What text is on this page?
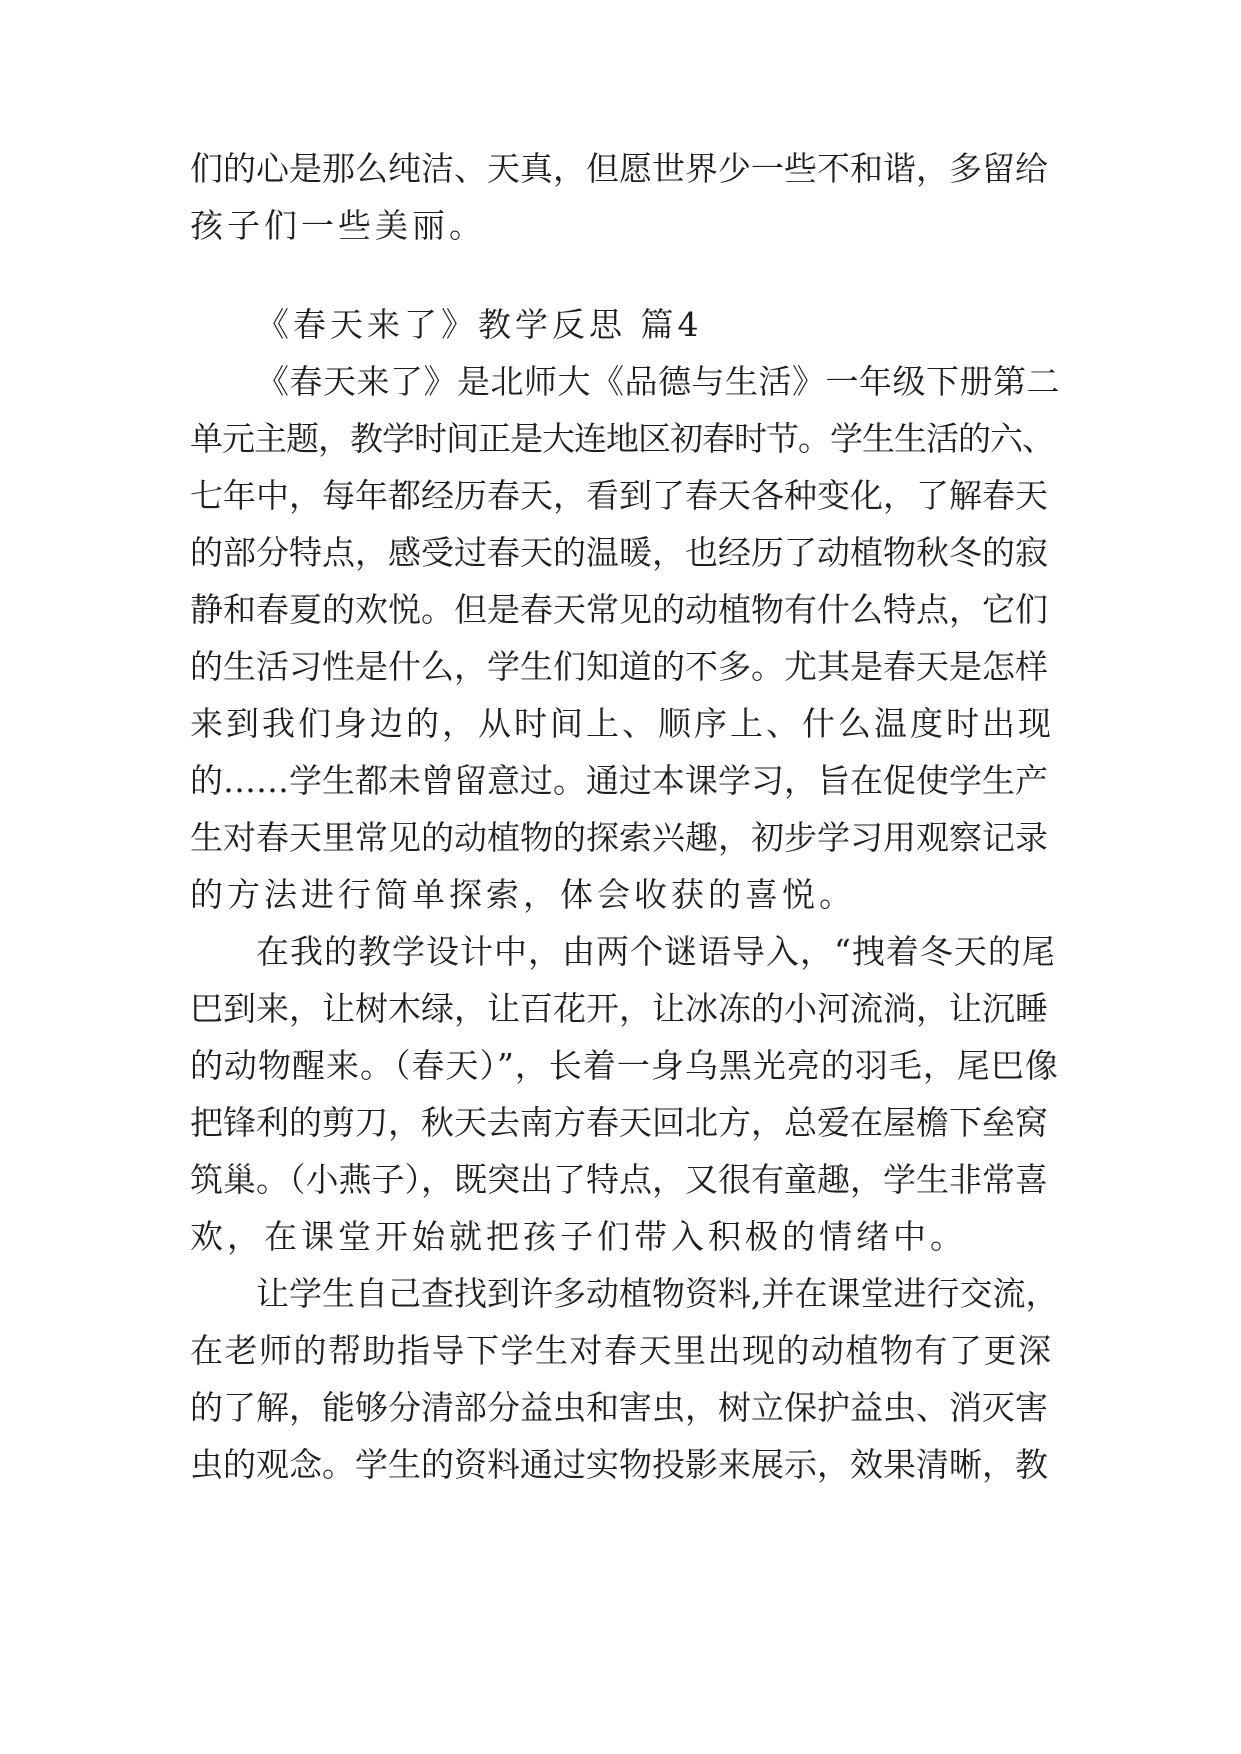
们的心是那么纯洁、天真，但愿世界少一些不和谐，多留给
孩子们一些美丽。
《春天来了》教学反思 篇4
《春天来了》是北师大《品德与生活》一年级下册第二
单元主题，教学时间正是大连地区初春时节。学生生活的六、
七年中，每年都经历春天，看到了春天各种变化，了解春天
的部分特点，感受过春天的温暖，也经历了动植物秋冬的寂
静和春夏的欢悦。但是春天常见的动植物有什么特点，它们
的生活习性是什么，学生们知道的不多。尤其是春天是怎样
来到我们身边的，从时间上、顺序上、什么温度时出现
的……学生都未曾留意过。通过本课学习，旨在促使学生产
生对春天里常见的动植物的探索兴趣，初步学习用观察记录
的方法进行简单探索，体会收获的喜悦。
在我的教学设计中，由两个谜语导入，“拽着冬天的尾
巴到来，让树木绿，让百花开，让冰冻的小河流淌，让沉睡
的动物醒来。（春天）”，长着一身乌黑光亮的羽毛，尾巴像
把锋利的剪刀，秋天去南方春天回北方，总爱在屋檐下垒窝
筑巢。（小燕子），既突出了特点，又很有童趣，学生非常喜
欢，在课堂开始就把孩子们带入积极的情绪中。
让学生自己查找到许多动植物资料,并在课堂进行交流，
在老师的帮助指导下学生对春天里出现的动植物有了更深
的了解，能够分清部分益虫和害虫，树立保护益虫、消灭害
虫的观念。学生的资料通过实物投影来展示，效果清晰，教
